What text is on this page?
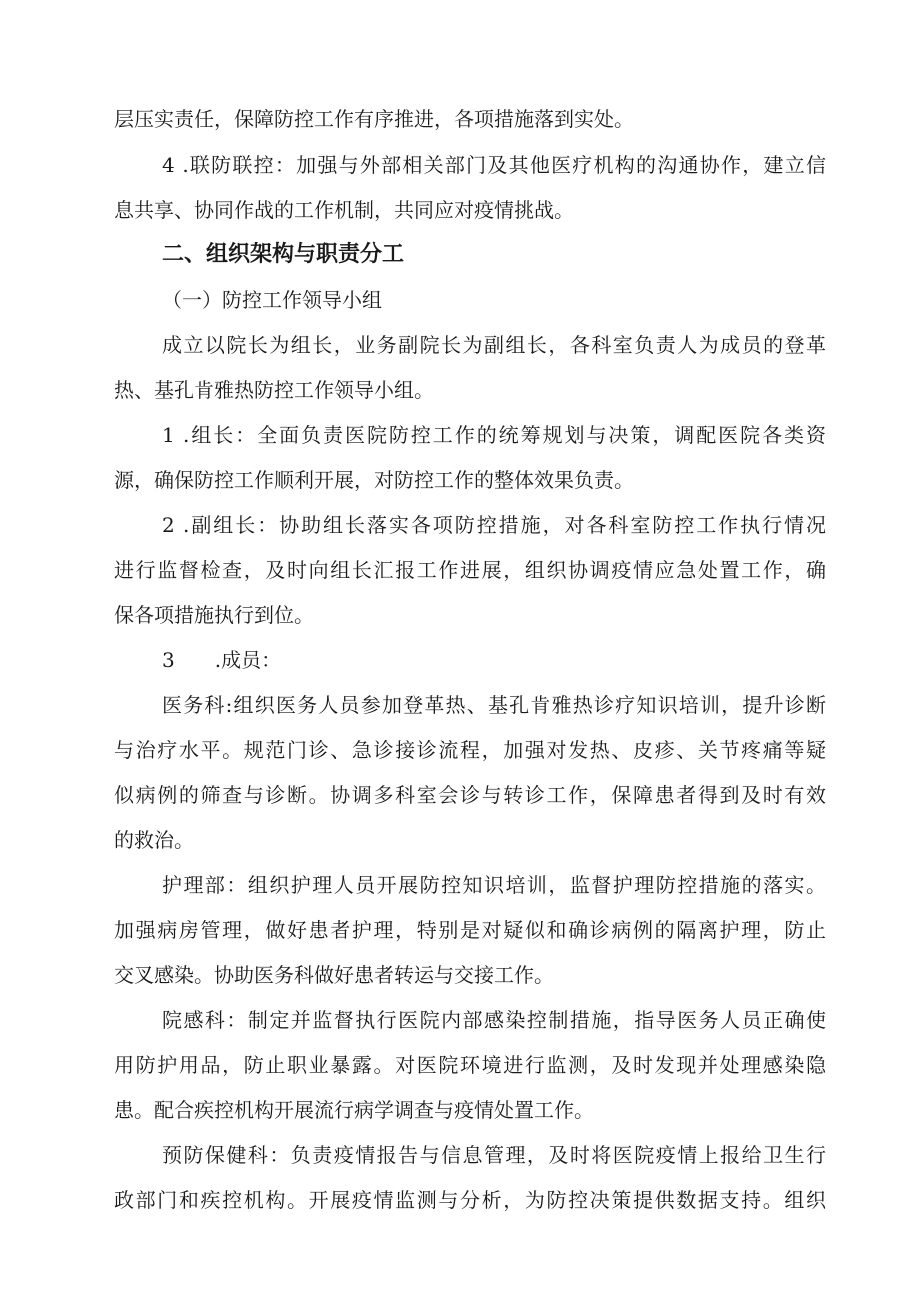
层压实责任，保障防控工作有序推进，各项措施落到实处。
4 .联防联控：加强与外部相关部门及其他医疗机构的沟通协作，建立信
息共享、协同作战的工作机制，共同应对疫情挑战。
二、组织架构与职责分工
（一）防控工作领导小组
成立以院长为组长，业务副院长为副组长，各科室负责人为成员的登革
热、基孔肯雅热防控工作领导小组。
1 .组长：全面负责医院防控工作的统筹规划与决策，调配医院各类资
源，确保防控工作顺利开展，对防控工作的整体效果负责。
2 .副组长：协助组长落实各项防控措施，对各科室防控工作执行情况
进行监督检查，及时向组长汇报工作进展，组织协调疫情应急处置工作，确
保各项措施执行到位。
3　　.成员：
医务科:组织医务人员参加登革热、基孔肯雅热诊疗知识培训，提升诊断
与治疗水平。规范门诊、急诊接诊流程，加强对发热、皮疹、关节疼痛等疑
似病例的筛查与诊断。协调多科室会诊与转诊工作，保障患者得到及时有效
的救治。
护理部：组织护理人员开展防控知识培训，监督护理防控措施的落实。
加强病房管理，做好患者护理，特别是对疑似和确诊病例的隔离护理，防止
交叉感染。协助医务科做好患者转运与交接工作。
院感科：制定并监督执行医院内部感染控制措施，指导医务人员正确使
用防护用品，防止职业暴露。对医院环境进行监测，及时发现并处理感染隐
患。配合疾控机构开展流行病学调查与疫情处置工作。
预防保健科：负责疫情报告与信息管理，及时将医院疫情上报给卫生行
政部门和疾控机构。开展疫情监测与分析，为防控决策提供数据支持。组织
